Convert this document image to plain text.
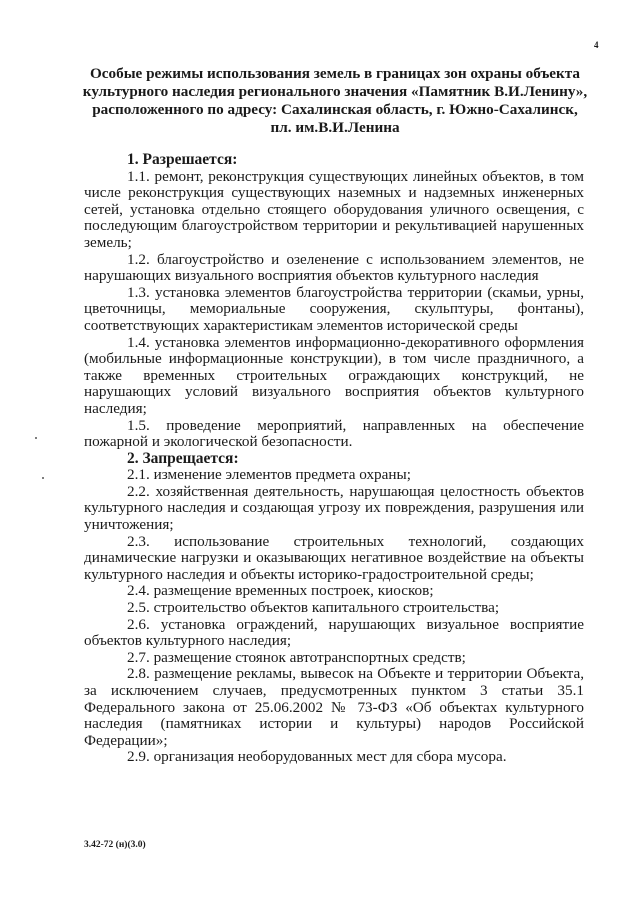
4
Особые режимы использования земель в границах зон охраны объекта
культурного наследия регионального значения «Памятник В.И.Ленину»,
расположенного по адресу: Сахалинская область, г. Южно-Сахалинск,
пл. им.В.И.Ленина
1. Разрешается:

1.1. ремонт, реконструкция существующих линейных объектов, в том числе реконструкция существующих наземных и надземных инженерных сетей, установка отдельно стоящего оборудования уличного освещения, с последующим благоустройством территории и рекультивацией нарушенных земель;

1.2. благоустройство и озеленение с использованием элементов, не нарушающих визуального восприятия объектов культурного наследия

1.3. установка элементов благоустройства территории (скамьи, урны, цветочницы, мемориальные сооружения, скульптуры, фонтаны), соответствующих характеристикам элементов исторической среды

1.4. установка элементов информационно-декоративного оформления (мобильные информационные конструкции), в том числе праздничного, а также временных строительных ограждающих конструкций, не нарушающих условий визуального восприятия объектов культурного наследия;

1.5. проведение мероприятий, направленных на обеспечение пожарной и экологической безопасности.

2. Запрещается:

2.1. изменение элементов предмета охраны;

2.2. хозяйственная деятельность, нарушающая целостность объектов культурного наследия и создающая угрозу их повреждения, разрушения или уничтожения;

2.3. использование строительных технологий, создающих динамические нагрузки и оказывающих негативное воздействие на объекты культурного наследия и объекты историко-градостроительной среды;

2.4. размещение временных построек, киосков;

2.5. строительство объектов капитального строительства;

2.6. установка ограждений, нарушающих визуальное восприятие объектов культурного наследия;

2.7. размещение стоянок автотранспортных средств;

2.8. размещение рекламы, вывесок на Объекте и территории Объекта, за исключением случаев, предусмотренных пунктом 3 статьи 35.1 Федерального закона от 25.06.2002 № 73-ФЗ «Об объектах культурного наследия (памятниках истории и культуры) народов Российской Федерации»;

2.9. организация необорудованных мест для сбора мусора.

3.42-72 (н)(3.0)
